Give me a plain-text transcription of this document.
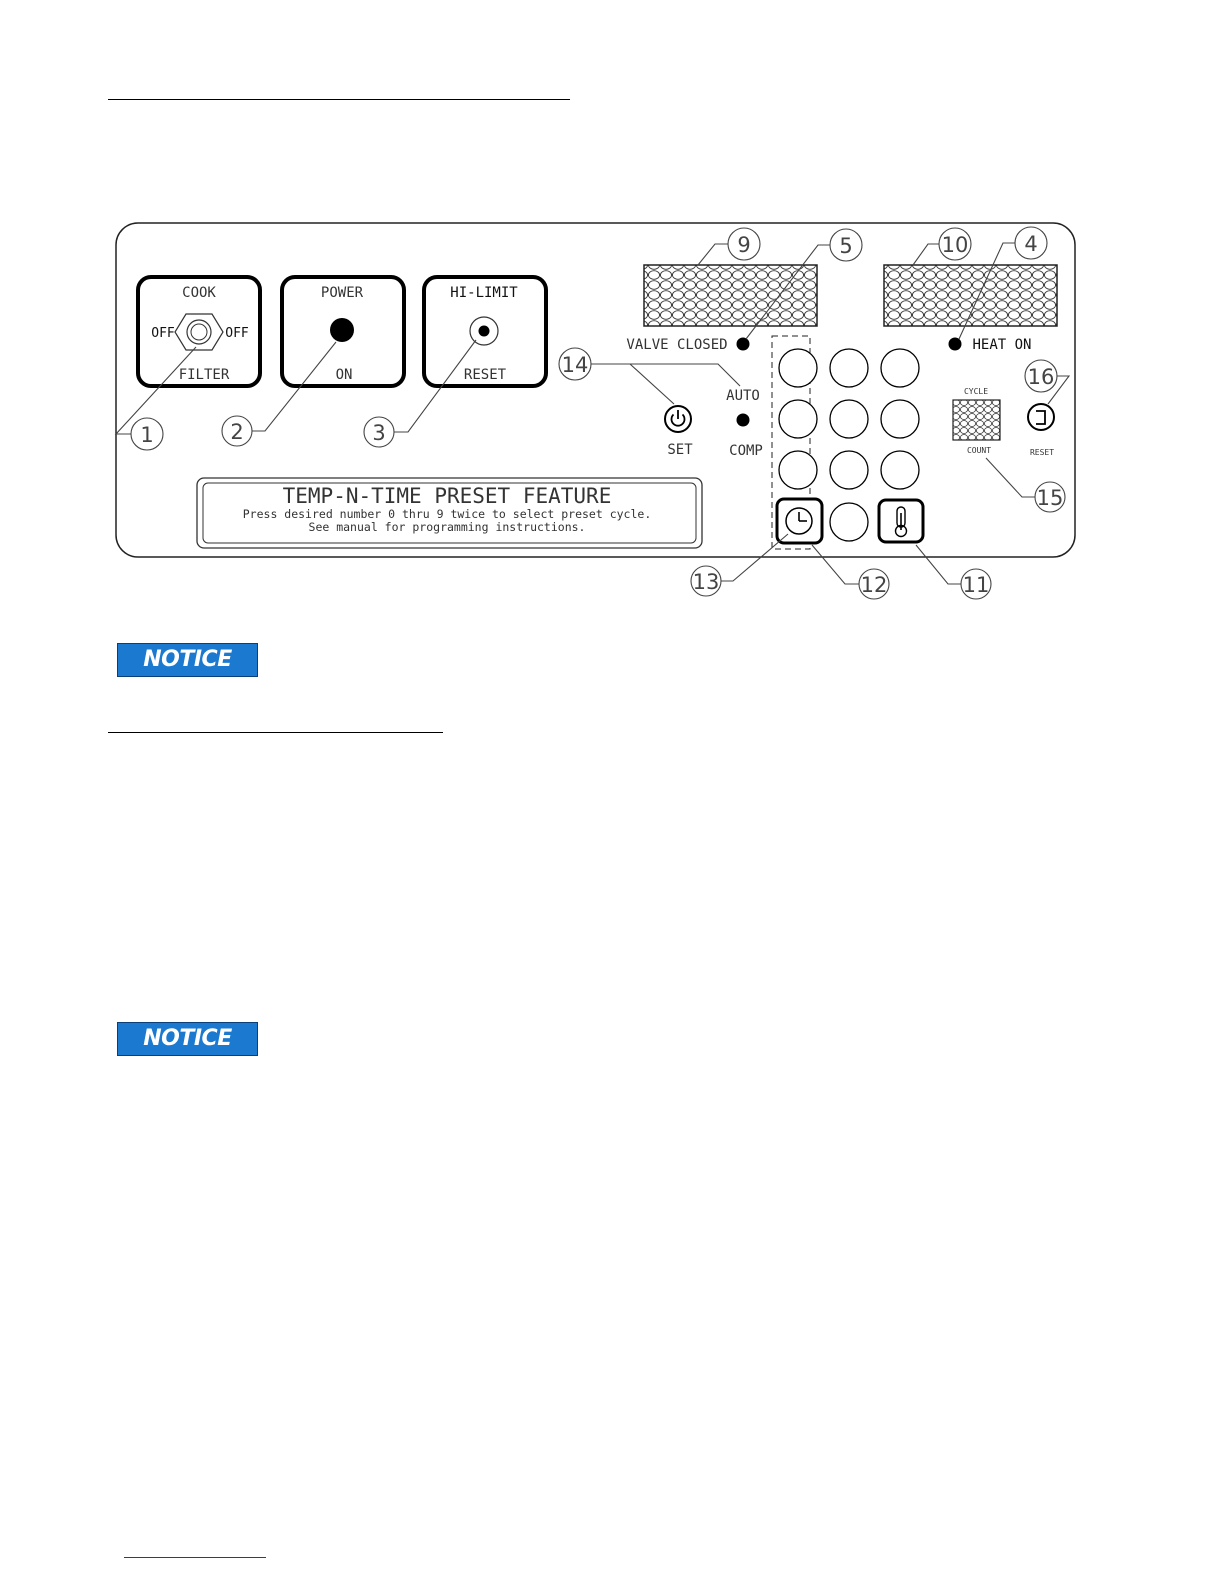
COOK
OFF	OFF
FILTER
POWER
ON
HI-LIMIT
RESET
VALVE CLOSED	HEAT ON
AUTO
COMP
SET
CYCLE
COUNT	RESET
TEMP-N-TIME PRESET FEATURE
Press desired number 0 thru 9 twice to select preset cycle.
See manual for programming instructions.
1	2	3
4
5
9	10
11
12
13
14
15
16
NOTICE
NOTICE
